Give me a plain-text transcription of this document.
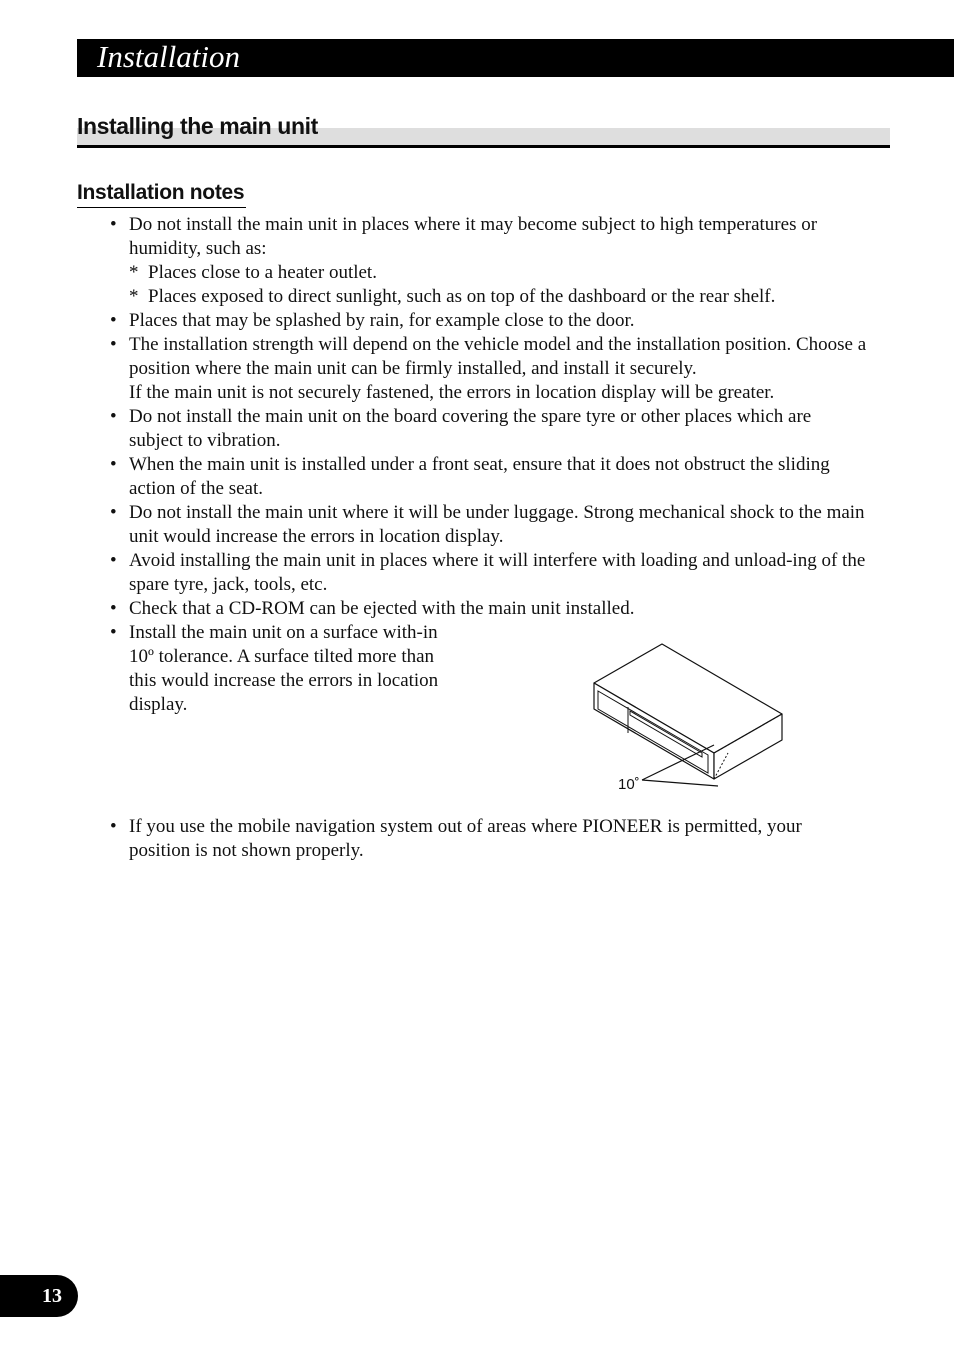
Installation
Installing the main unit
Installation notes
• Do not install the main unit in places where it may become subject to high temperatures or humidity, such as:
* Places close to a heater outlet.
* Places exposed to direct sunlight, such as on top of the dashboard or the rear shelf.
• Places that may be splashed by rain, for example close to the door.
• The installation strength will depend on the vehicle model and the installation position. Choose a position where the main unit can be firmly installed, and install it securely.
If the main unit is not securely fastened, the errors in location display will be greater.
• Do not install the main unit on the board covering the spare tyre or other places which are subject to vibration.
• When the main unit is installed under a front seat, ensure that it does not obstruct the sliding action of the seat.
• Do not install the main unit where it will be under luggage. Strong mechanical shock to the main unit would increase the errors in location display.
• Avoid installing the main unit in places where it will interfere with loading and unload-ing of the spare tyre, jack, tools, etc.
• Check that a CD-ROM can be ejected with the main unit installed.
• Install the main unit on a surface with-in 10º tolerance. A surface tilted more than this would increase the errors in location display.
• If you use the mobile navigation system out of areas where PIONEER is permitted, your position is not shown properly.
10˚
13
